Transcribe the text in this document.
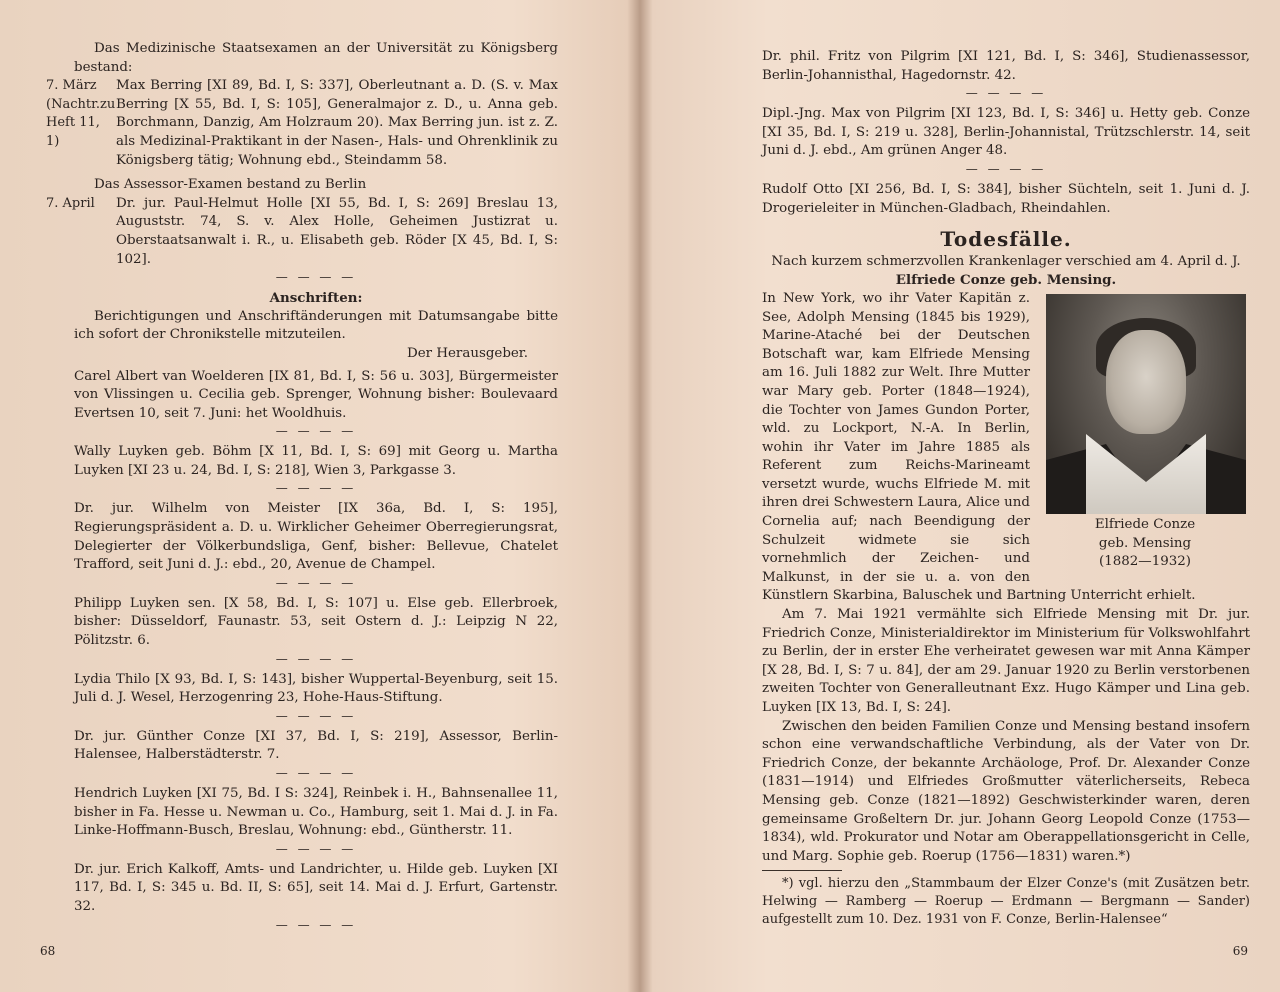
Das Medizinische Staatsexamen an der Universität zu Königsberg bestand:

7. März (Nachtr.zu Heft 11, 1)

Max Berring [XI 89, Bd. I, S: 337], Oberleutnant a. D. (S. v. Max Berring [X 55, Bd. I, S: 105], Generalmajor z. D., u. Anna geb. Borchmann, Danzig, Am Holzraum 20). Max Berring jun. ist z. Z. als Medizinal-Praktikant in der Nasen-, Hals- und Ohrenklinik zu Königsberg tätig; Wohnung ebd., Steindamm 58.

Das Assessor-Examen bestand zu Berlin

7. April	Dr. jur. Paul-Helmut Holle [XI 55, Bd. I, S: 269] Breslau 13, Auguststr. 74, S. v. Alex Holle, Geheimen Justizrat u. Oberstaatsanwalt i. R., u. Elisabeth geb. Röder [X 45, Bd. I, S: 102].

— — — —

Anschriften:

Berichtigungen und Anschriftänderungen mit Datumsangabe bitte ich sofort der Chronikstelle mitzuteilen.

Der Herausgeber.

Carel Albert van Woelderen [IX 81, Bd. I, S: 56 u. 303], Bürgermeister von Vlissingen u. Cecilia geb. Sprenger, Wohnung bisher: Boulevaard Evertsen 10, seit 7. Juni: het Wooldhuis.

— — — —

Wally Luyken geb. Böhm [X 11, Bd. I, S: 69] mit Georg u. Martha Luyken [XI 23 u. 24, Bd. I, S: 218], Wien 3, Parkgasse 3.

— — — —

Dr. jur. Wilhelm von Meister [IX 36a, Bd. I, S: 195], Regierungspräsident a. D. u. Wirklicher Geheimer Oberregierungsrat, Delegierter der Völkerbundsliga, Genf, bisher: Bellevue, Chatelet Trafford, seit Juni d. J.: ebd., 20, Avenue de Champel.

— — — —

Philipp Luyken sen. [X 58, Bd. I, S: 107] u. Else geb. Ellerbroek, bisher: Düsseldorf, Faunastr. 53, seit Ostern d. J.: Leipzig N 22, Pölitzstr. 6.

— — — —

Lydia Thilo [X 93, Bd. I, S: 143], bisher Wuppertal-Beyenburg, seit 15. Juli d. J. Wesel, Herzogenring 23, Hohe-Haus-Stiftung.

— — — —

Dr. jur. Günther Conze [XI 37, Bd. I, S: 219], Assessor, Berlin-Halensee, Halberstädterstr. 7.

— — — —

Hendrich Luyken [XI 75, Bd. I S: 324], Reinbek i. H., Bahnsenallee 11, bisher in Fa. Hesse u. Newman u. Co., Hamburg, seit 1. Mai d. J. in Fa. Linke-Hoffmann-Busch, Breslau, Wohnung: ebd., Güntherstr. 11.

— — — —

Dr. jur. Erich Kalkoff, Amts- und Landrichter, u. Hilde geb. Luyken [XI 117, Bd. I, S: 345 u. Bd. II, S: 65], seit 14. Mai d. J. Erfurt, Gartenstr. 32.

— — — —
68	69

Dr. phil. Fritz von Pilgrim [XI 121, Bd. I, S: 346], Studienassessor, Berlin-Johannisthal, Hagedornstr. 42.

— — — —

Dipl.-Jng. Max von Pilgrim [XI 123, Bd. I, S: 346] u. Hetty geb. Conze [XI 35, Bd. I, S: 219 u. 328], Berlin-Johannistal, Trützschlerstr. 14, seit Juni d. J. ebd., Am grünen Anger 48.

— — — —

Rudolf Otto [XI 256, Bd. I, S: 384], bisher Süchteln, seit 1. Juni d. J. Drogerieleiter in München-Gladbach, Rheindahlen.

Todesfälle.

Nach kurzem schmerzvollen Krankenlager verschied am 4. April d. J.

Elfriede Conze geb. Mensing.

Elfriede Conze
geb. Mensing
(1882—1932)

In New York, wo ihr Vater Kapitän z. See, Adolph Mensing (1845 bis 1929), Marine-Ataché bei der Deutschen Botschaft war, kam Elfriede Mensing am 16. Juli 1882 zur Welt. Ihre Mutter war Mary geb. Porter (1848—1924), die Tochter von James Gundon Porter, wld. zu Lockport, N.-A. In Berlin, wohin ihr Vater im Jahre 1885 als Referent zum Reichs-Marineamt versetzt wurde, wuchs Elfriede M. mit ihren drei Schwestern Laura, Alice und Cornelia auf; nach Beendigung der Schulzeit widmete sie sich vornehmlich der Zeichen- und Malkunst, in der sie u. a. von den Künstlern Skarbina, Baluschek und Bartning Unterricht erhielt.

Am 7. Mai 1921 vermählte sich Elfriede Mensing mit Dr. jur. Friedrich Conze, Ministerialdirektor im Ministerium für Volkswohlfahrt zu Berlin, der in erster Ehe verheiratet gewesen war mit Anna Kämper [X 28, Bd. I, S: 7 u. 84], der am 29. Januar 1920 zu Berlin verstorbenen zweiten Tochter von Generalleutnant Exz. Hugo Kämper und Lina geb. Luyken [IX 13, Bd. I, S: 24].

Zwischen den beiden Familien Conze und Mensing bestand insofern schon eine verwandschaftliche Verbindung, als der Vater von Dr. Friedrich Conze, der bekannte Archäologe, Prof. Dr. Alexander Conze (1831—1914) und Elfriedes Großmutter väterlicherseits, Rebeca Mensing geb. Conze (1821—1892) Geschwisterkinder waren, deren gemeinsame Großeltern Dr. jur. Johann Georg Leopold Conze (1753—1834), wld. Prokurator und Notar am Oberappellationsgericht in Celle, und Marg. Sophie geb. Roerup (1756—1831) waren.*)

*) vgl. hierzu den „Stammbaum der Elzer Conze's (mit Zusätzen betr. Helwing — Ramberg — Roerup — Erdmann — Bergmann — Sander) aufgestellt zum 10. Dez. 1931 von F. Conze, Berlin-Halensee“
